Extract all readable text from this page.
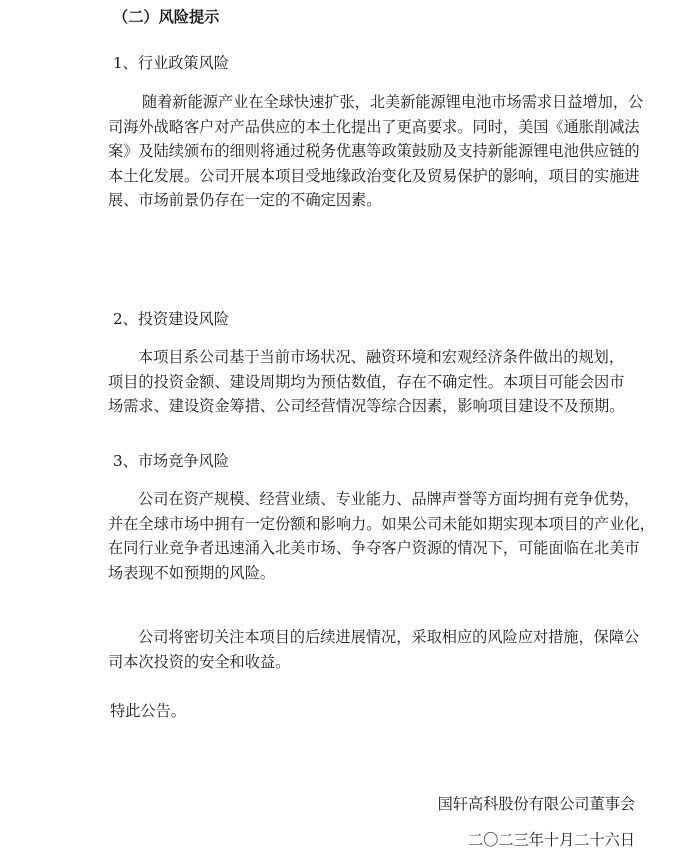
（二）风险提示
1、行业政策风险
随着新能源产业在全球快速扩张，北美新能源锂电池市场需求日益增加，公
司海外战略客户对产品供应的本土化提出了更高要求。同时，美国《通胀削减法
案》及陆续颁布的细则将通过税务优惠等政策鼓励及支持新能源锂电池供应链的
本土化发展。公司开展本项目受地缘政治变化及贸易保护的影响，项目的实施进
展、市场前景仍存在一定的不确定因素。
2、投资建设风险
本项目系公司基于当前市场状况、融资环境和宏观经济条件做出的规划，
项目的投资金额、建设周期均为预估数值，存在不确定性。本项目可能会因市
场需求、建设资金筹措、公司经营情况等综合因素，影响项目建设不及预期。
3、市场竞争风险
公司在资产规模、经营业绩、专业能力、品牌声誉等方面均拥有竞争优势，
并在全球市场中拥有一定份额和影响力。如果公司未能如期实现本项目的产业化，
在同行业竞争者迅速涌入北美市场、争夺客户资源的情况下，可能面临在北美市
场表现不如预期的风险。
公司将密切关注本项目的后续进展情况，采取相应的风险应对措施，保障公
司本次投资的安全和收益。
特此公告。
国轩高科股份有限公司董事会
二〇二三年十月二十六日
